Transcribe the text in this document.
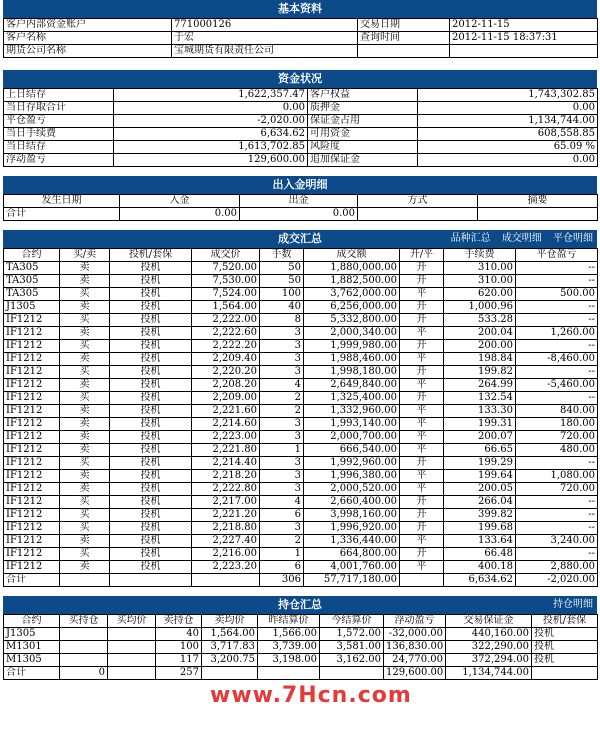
基本资料
客户内部资金账户	771000126	交易日期	2012-11-15
客户名称	于宏	查询时间	2012-11-15 18:37:31
期货公司名称	宝城期货有限责任公司		
资金状况
上日结存	1,622,357.47	客户权益	1,743,302.85
当日存取合计	0.00	质押金	0.00
平仓盈亏	-2,020.00	保证金占用	1,134,744.00
当日手续费	6,634.62	可用资金	608,558.85
当日结存	1,613,702.85	风险度	65.09 %
浮动盈亏	129,600.00	追加保证金	0.00
出入金明细
发生日期	入金	出金	方式	摘要
合计	0.00	0.00		
成交汇总	品种汇总 成交明细 平仓明细
合约	买/卖	投机/套保	成交价	手数	成交额	开/平	手续费	平仓盈亏
TA305	卖	投机	7,520.00	50	1,880,000.00	开	310.00	--
TA305	卖	投机	7,530.00	50	1,882,500.00	开	310.00	--
TA305	买	投机	7,524.00	100	3,762,000.00	平	620.00	500.00
J1305	卖	投机	1,564.00	40	6,256,000.00	开	1,000.96	--
IF1212	买	投机	2,222.00	8	5,332,800.00	开	533.28	--
IF1212	卖	投机	2,222.60	3	2,000,340.00	平	200.04	1,260.00
IF1212	买	投机	2,222.20	3	1,999,980.00	开	200.00	--
IF1212	卖	投机	2,209.40	3	1,988,460.00	平	198.84	-8,460.00
IF1212	买	投机	2,220.20	3	1,998,180.00	开	199.82	--
IF1212	卖	投机	2,208.20	4	2,649,840.00	平	264.99	-5,460.00
IF1212	买	投机	2,209.00	2	1,325,400.00	开	132.54	--
IF1212	卖	投机	2,221.60	2	1,332,960.00	平	133.30	840.00
IF1212	卖	投机	2,214.60	3	1,993,140.00	平	199.31	180.00
IF1212	卖	投机	2,223.00	3	2,000,700.00	平	200.07	720.00
IF1212	卖	投机	2,221.80	1	666,540.00	平	66.65	480.00
IF1212	买	投机	2,214.40	3	1,992,960.00	开	199.29	--
IF1212	卖	投机	2,218.20	3	1,996,380.00	平	199.64	1,080.00
IF1212	卖	投机	2,222.80	3	2,000,520.00	平	200.05	720.00
IF1212	买	投机	2,217.00	4	2,660,400.00	开	266.04	--
IF1212	买	投机	2,221.20	6	3,998,160.00	开	399.82	--
IF1212	买	投机	2,218.80	3	1,996,920.00	开	199.68	--
IF1212	卖	投机	2,227.40	2	1,336,440.00	平	133.64	3,240.00
IF1212	买	投机	2,216.00	1	664,800.00	开	66.48	--
IF1212	卖	投机	2,223.20	6	4,001,760.00	平	400.18	2,880.00
合计				306	57,717,180.00		6,634.62	-2,020.00
持仓汇总	持仓明细
合约	买持仓	买均价	卖持仓	卖均价	昨结算价	今结算价	浮动盈亏	交易保证金	投机/套保
J1305			40	1,564.00	1,566.00	1,572.00	-32,000.00	440,160.00	投机
M1301			100	3,717.83	3,739.00	3,581.00	136,830.00	322,290.00	投机
M1305			117	3,200.75	3,198.00	3,162.00	24,770.00	372,294.00	投机
合计	0		257				129,600.00	1,134,744.00	
www.7Hcn.com
